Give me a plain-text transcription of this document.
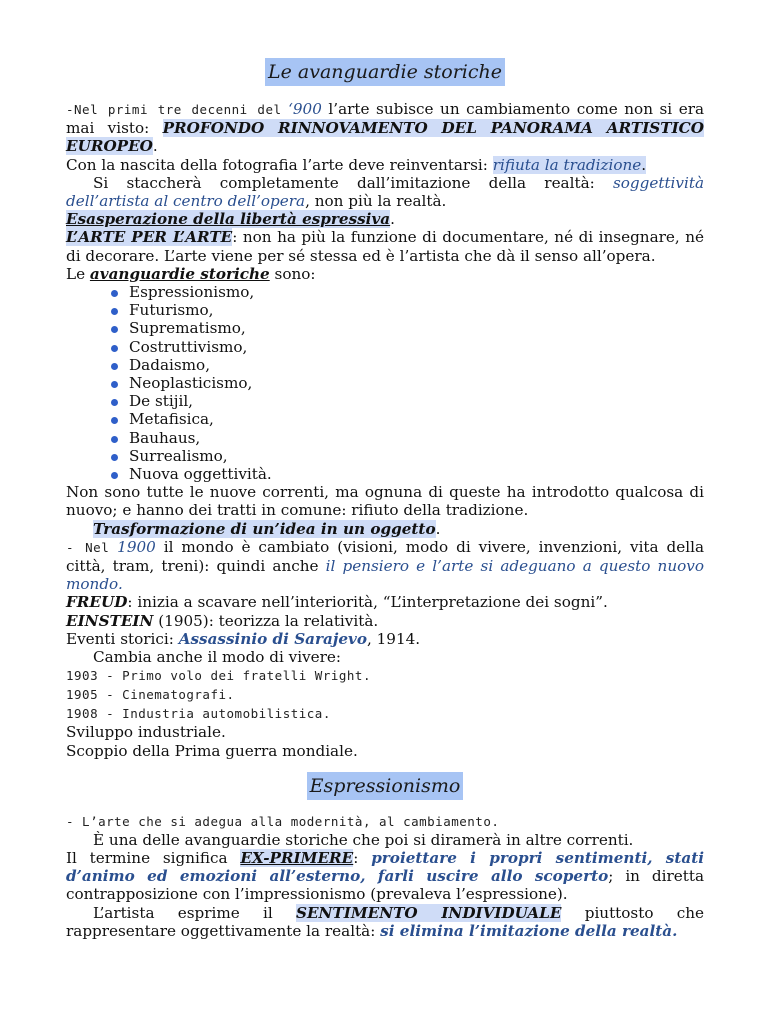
Le avanguardie storiche

-Nel primi tre decenni del ‘900 l’arte subisce un cambiamento come non si era mai visto: PROFONDO RINNOVAMENTO DEL PANORAMA ARTISTICO EUROPEO.

Con la nascita della fotografia l’arte deve reinventarsi: rifiuta la tradizione.

Si staccherà completamente dall’imitazione della realtà: soggettività dell’artista al centro dell’opera, non più la realtà.

Esasperazione della libertà espressiva.

L’ARTE PER L’ARTE: non ha più la funzione di documentare, né di insegnare, né di decorare. L’arte viene per sé stessa ed è l’artista che dà il senso all’opera.

Le avanguardie storiche sono:

Espressionismo,
Futurismo,
Suprematismo,
Costruttivismo,
Dadaismo,
Neoplasticismo,
De stijil,
Metafisica,
Bauhaus,
Surrealismo,
Nuova oggettività.

Non sono tutte le nuove correnti, ma ognuna di queste ha introdotto qualcosa di nuovo; e hanno dei tratti in comune: rifiuto della tradizione.

Trasformazione di un’idea in un oggetto.

- Nel 1900 il mondo è cambiato (visioni, modo di vivere, invenzioni, vita della città, tram, treni): quindi anche il pensiero e l’arte si adeguano a questo nuovo mondo.

FREUD: inizia a scavare nell’interiorità, “L’interpretazione dei sogni”.

EINSTEIN (1905): teorizza la relatività.

Eventi storici: Assassinio di Sarajevo, 1914.

Cambia anche il modo di vivere:

1903 - Primo volo dei fratelli Wright.

1905 - Cinematografi.

1908 - Industria automobilistica.

Sviluppo industriale.

Scoppio della Prima guerra mondiale.

Espressionismo

- L’arte che si adegua alla modernità, al cambiamento.

È una delle avanguardie storiche che poi si diramerà in altre correnti.

Il termine significa EX-PRIMERE: proiettare i propri sentimenti, stati d’animo ed emozioni all’esterno, farli uscire allo scoperto; in diretta contrapposizione con l’impressionismo (prevaleva l’espressione).

L’artista esprime il SENTIMENTO INDIVIDUALE piuttosto che rappresentare oggettivamente la realtà: si elimina l’imitazione della realtà.
